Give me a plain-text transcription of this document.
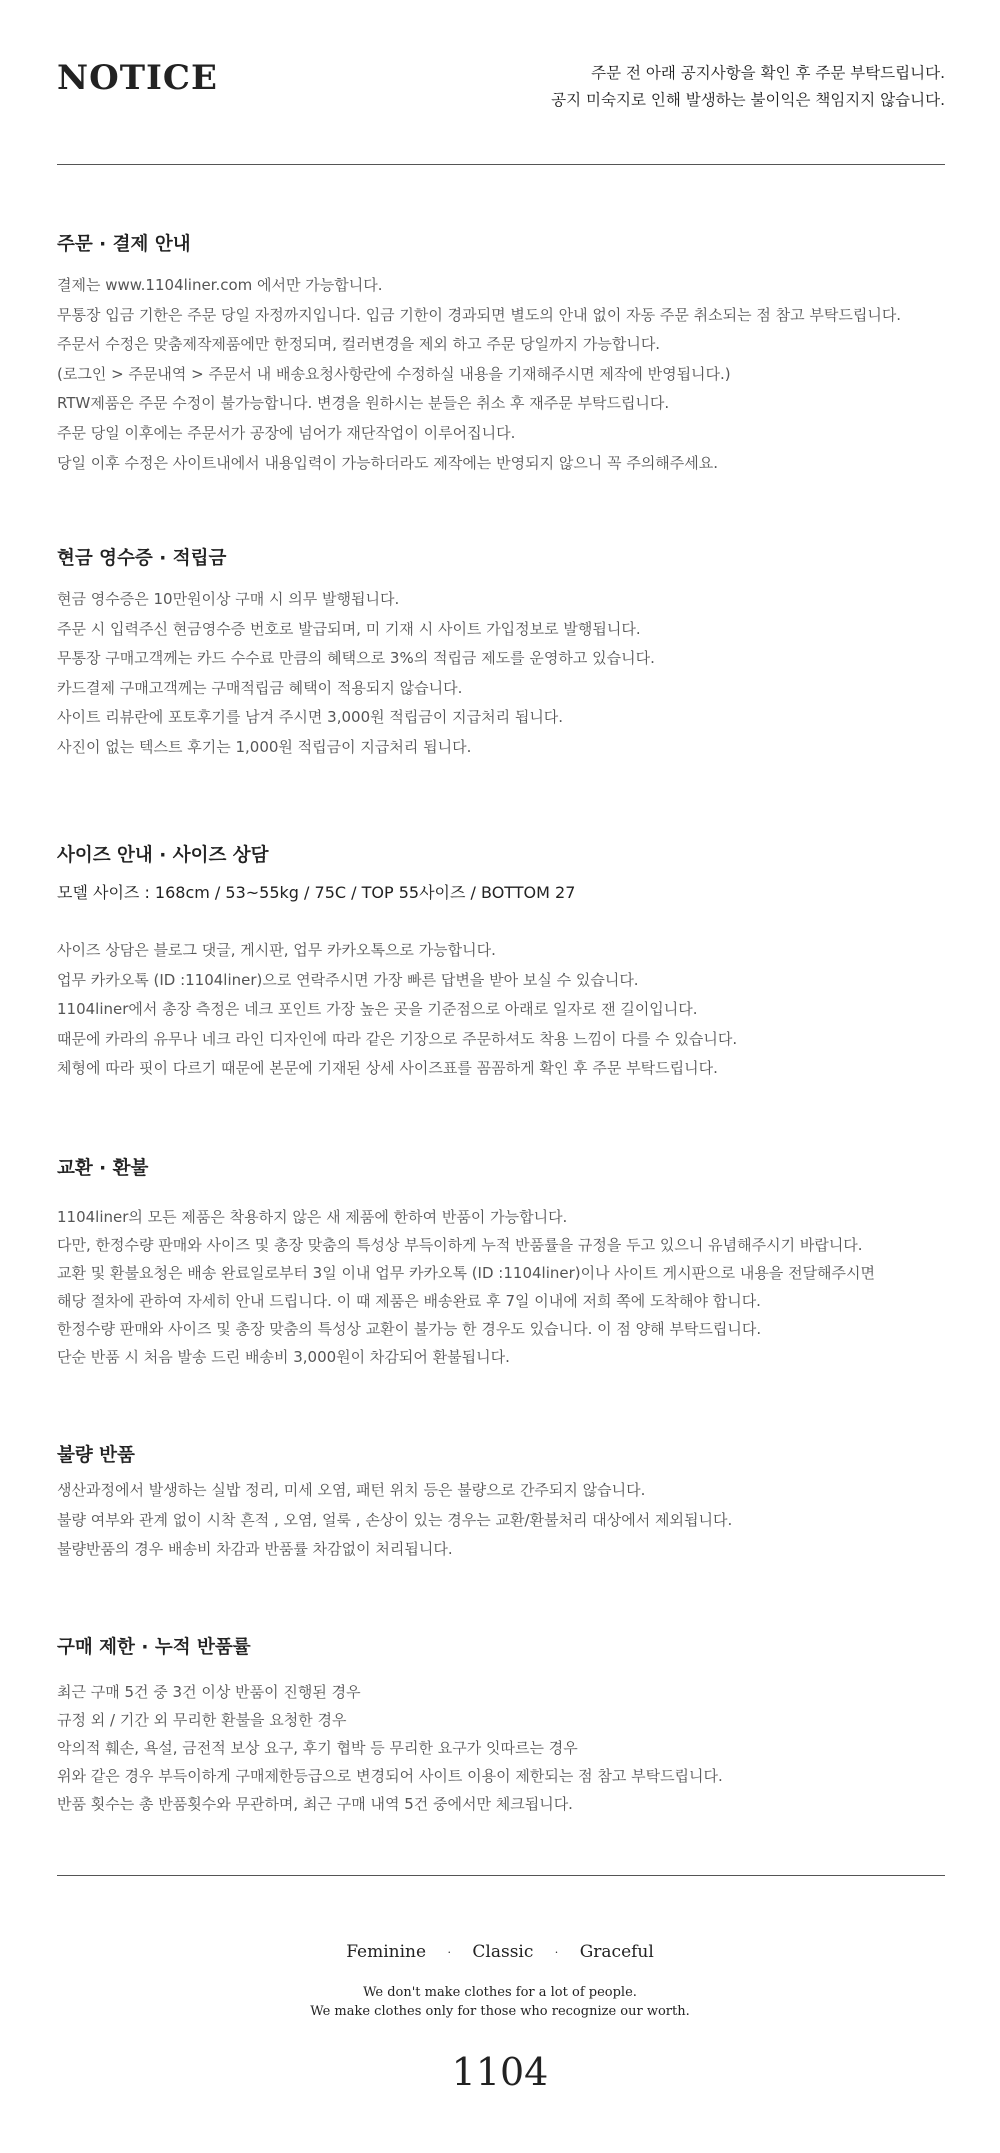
NOTICE	주문 전 아래 공지사항을 확인 후 주문 부탁드립니다.
공지 미숙지로 인해 발생하는 불이익은 책임지지 않습니다.
주문 · 결제 안내
결제는 www.1104liner.com 에서만 가능합니다.
무통장 입금 기한은 주문 당일 자정까지입니다. 입금 기한이 경과되면 별도의 안내 없이 자동 주문 취소되는 점 참고 부탁드립니다.
주문서 수정은 맞춤제작제품에만 한정되며, 컬러변경을 제외 하고 주문 당일까지 가능합니다.
(로그인 > 주문내역 > 주문서 내 배송요청사항란에 수정하실 내용을 기재해주시면 제작에 반영됩니다.)
RTW제품은 주문 수정이 불가능합니다. 변경을 원하시는 분들은 취소 후 재주문 부탁드립니다.
주문 당일 이후에는 주문서가 공장에 넘어가 재단작업이 이루어집니다.
당일 이후 수정은 사이트내에서 내용입력이 가능하더라도 제작에는 반영되지 않으니 꼭 주의해주세요.
현금 영수증 · 적립금
현금 영수증은 10만원이상 구매 시 의무 발행됩니다.
주문 시 입력주신 현금영수증 번호로 발급되며, 미 기재 시 사이트 가입정보로 발행됩니다.
무통장 구매고객께는 카드 수수료 만큼의 혜택으로 3%의 적립금 제도를 운영하고 있습니다.
카드결제 구매고객께는 구매적립금 혜택이 적용되지 않습니다.
사이트 리뷰란에 포토후기를 남겨 주시면 3,000원 적립금이 지급처리 됩니다.
사진이 없는 텍스트 후기는 1,000원 적립금이 지급처리 됩니다.
사이즈 안내 · 사이즈 상담
모델 사이즈 : 168cm / 53~55kg / 75C / TOP 55사이즈 / BOTTOM 27
사이즈 상담은 블로그 댓글, 게시판, 업무 카카오톡으로 가능합니다.
업무 카카오톡 (ID :1104liner)으로 연락주시면 가장 빠른 답변을 받아 보실 수 있습니다.
1104liner에서 총장 측정은 네크 포인트 가장 높은 곳을 기준점으로 아래로 일자로 잰 길이입니다.
때문에 카라의 유무나 네크 라인 디자인에 따라 같은 기장으로 주문하셔도 착용 느낌이 다를 수 있습니다.
체형에 따라 핏이 다르기 때문에 본문에 기재된 상세 사이즈표를 꼼꼼하게 확인 후 주문 부탁드립니다.
교환 · 환불
1104liner의 모든 제품은 착용하지 않은 새 제품에 한하여 반품이 가능합니다.
다만, 한정수량 판매와 사이즈 및 총장 맞춤의 특성상 부득이하게 누적 반품률을 규정을 두고 있으니 유념해주시기 바랍니다.
교환 및 환불요청은 배송 완료일로부터 3일 이내 업무 카카오톡 (ID :1104liner)이나 사이트 게시판으로 내용을 전달해주시면
해당 절차에 관하여 자세히 안내 드립니다. 이 때 제품은 배송완료 후 7일 이내에 저희 쪽에 도착해야 합니다.
한정수량 판매와 사이즈 및 총장 맞춤의 특성상 교환이 불가능 한 경우도 있습니다. 이 점 양해 부탁드립니다.
단순 반품 시 처음 발송 드린 배송비 3,000원이 차감되어 환불됩니다.
불량 반품
생산과정에서 발생하는 실밥 정리, 미세 오염, 패턴 위치 등은 불량으로 간주되지 않습니다.
불량 여부와 관계 없이 시착 흔적 , 오염, 얼룩 , 손상이 있는 경우는 교환/환불처리 대상에서 제외됩니다.
불량반품의 경우 배송비 차감과 반품률 차감없이 처리됩니다.
구매 제한 · 누적 반품률
최근 구매 5건 중 3건 이상 반품이 진행된 경우
규정 외 / 기간 외 무리한 환불을 요청한 경우
악의적 훼손, 욕설, 금전적 보상 요구, 후기 협박 등 무리한 요구가 잇따르는 경우
위와 같은 경우 부득이하게 구매제한등급으로 변경되어 사이트 이용이 제한되는 점 참고 부탁드립니다.
반품 횟수는 총 반품횟수와 무관하며, 최근 구매 내역 5건 중에서만 체크됩니다.
Feminine · Classic · Graceful
We don't make clothes for a lot of people.
We make clothes only for those who recognize our worth.
1104
